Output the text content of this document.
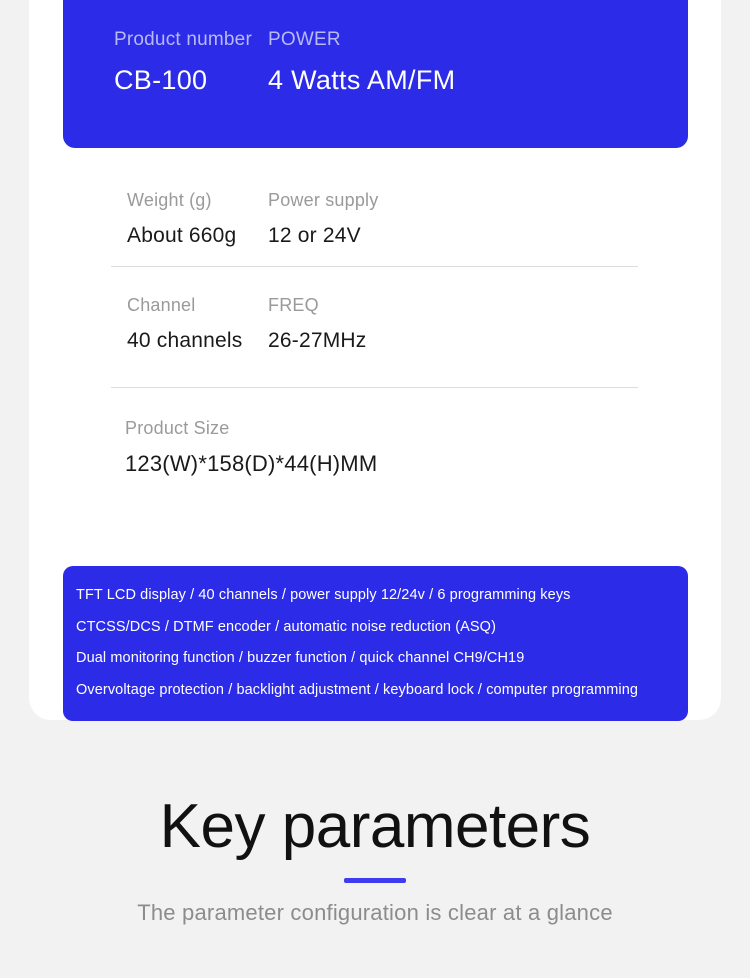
Product number
CB-100
POWER
4 Watts AM/FM
Weight (g)
About 660g
Power supply
12 or 24V
Channel
40 channels
FREQ
26-27MHz
Product Size
123(W)*158(D)*44(H)MM
TFT LCD display / 40 channels / power supply 12/24v / 6 programming keys
CTCSS/DCS / DTMF encoder / automatic noise reduction (ASQ)
Dual monitoring function / buzzer function / quick channel CH9/CH19
Overvoltage protection / backlight adjustment / keyboard lock / computer programming
Key parameters
The parameter configuration is clear at a glance
